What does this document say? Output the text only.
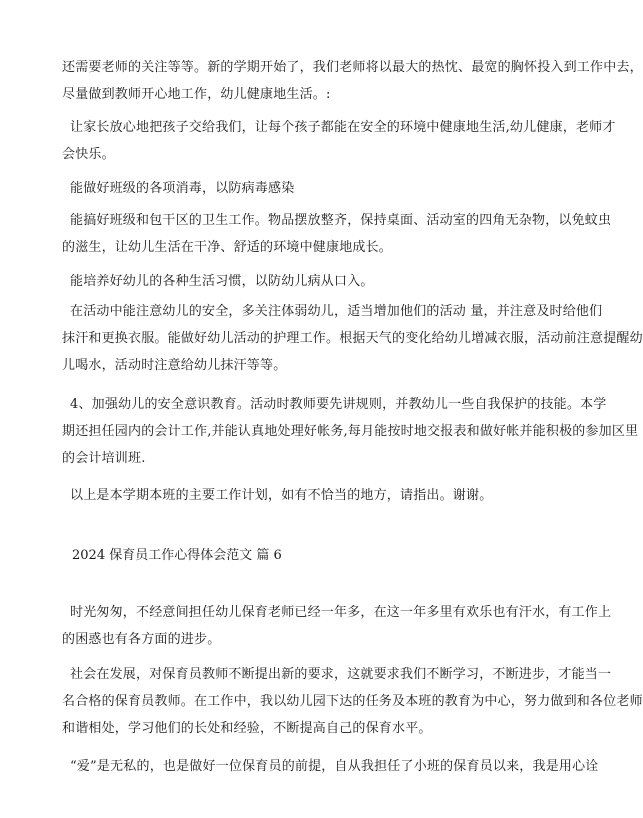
还需要老师的关注等等。新的学期开始了，我们老师将以最大的热忱、最宽的胸怀投入到工作中去，
尽量做到教师开心地工作，幼儿健康地生活。:

让家长放心地把孩子交给我们，让每个孩子都能在安全的环境中健康地生活,幼儿健康，老师才
会快乐。

能做好班级的各项消毒，以防病毒感染

能搞好班级和包干区的卫生工作。物品摆放整齐，保持桌面、活动室的四角无杂物，以免蚊虫
的滋生，让幼儿生活在干净、舒适的环境中健康地成长。

能培养好幼儿的各种生活习惯，以防幼儿病从口入。

在活动中能注意幼儿的安全，多关注体弱幼儿，适当增加他们的活动 量，并注意及时给他们
抹汗和更换衣服。能做好幼儿活动的护理工作。根据天气的变化给幼儿增减衣服，活动前注意提醒幼
儿喝水，活动时注意给幼儿抹汗等等。

4、加强幼儿的安全意识教育。活动时教师要先讲规则，并教幼儿一些自我保护的技能。本学
期还担任园内的会计工作,并能认真地处理好帐务,每月能按时地交报表和做好帐并能积极的参加区里
的会计培训班.

以上是本学期本班的主要工作计划，如有不恰当的地方，请指出。谢谢。

2024 保育员工作心得体会范文 篇 6

时光匆匆，不经意间担任幼儿保育老师已经一年多，在这一年多里有欢乐也有汗水，有工作上
的困惑也有各方面的进步。

社会在发展，对保育员教师不断提出新的要求，这就要求我们不断学习，不断进步，才能当一
名合格的保育员教师。在工作中，我以幼儿园下达的任务及本班的教育为中心，努力做到和各位老师
和谐相处，学习他们的长处和经验，不断提高自己的保育水平。

“爱”是无私的，也是做好一位保育员的前提，自从我担任了小班的保育员以来，我是用心诠
